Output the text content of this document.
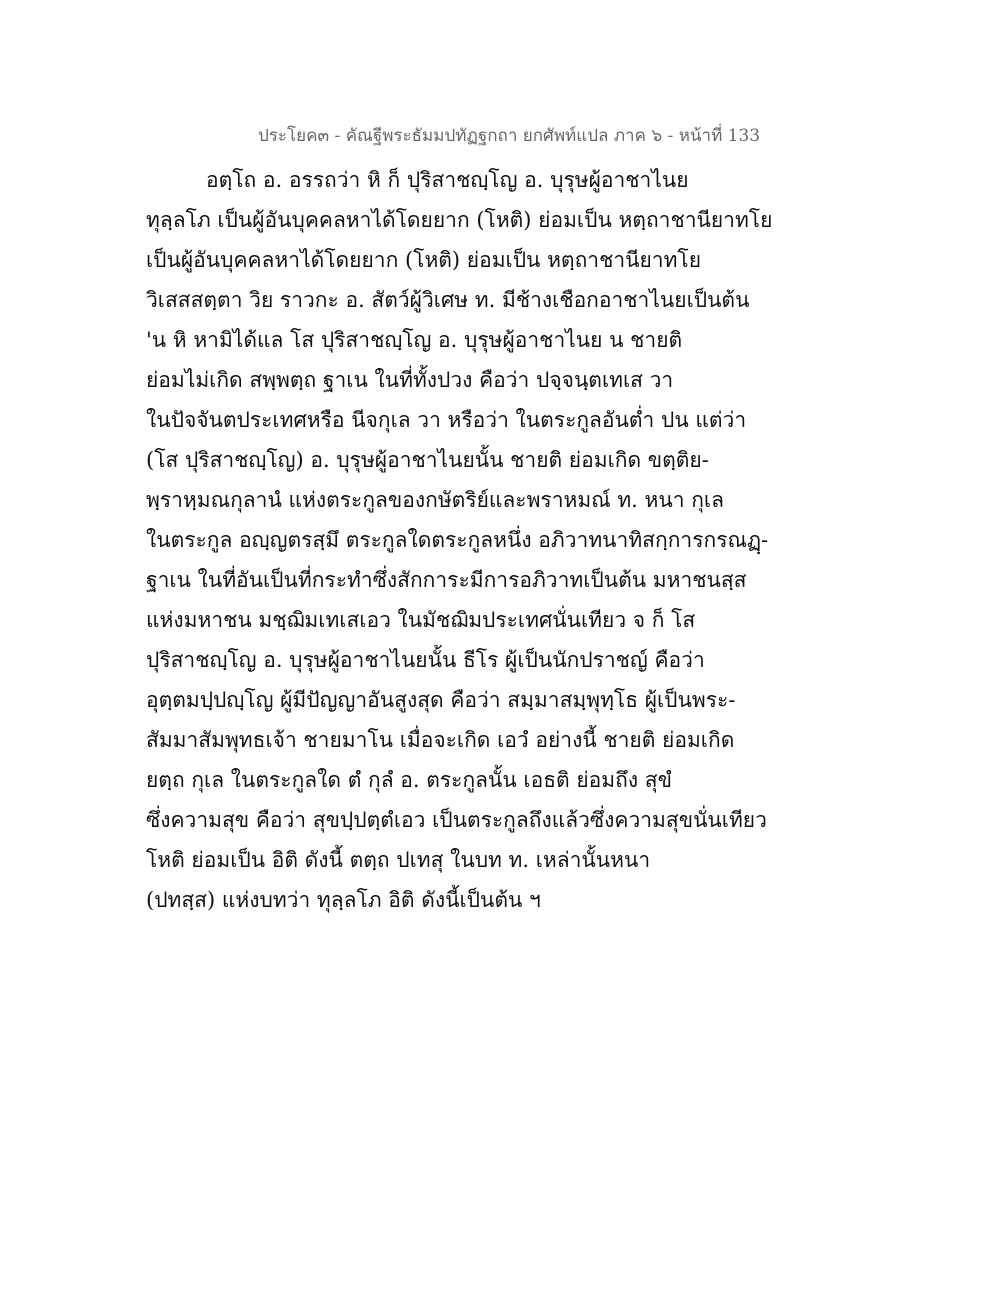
ประโยค๓ - คัณฐีพระธัมมปทัฏฐกถา ยกศัพท์แปล ภาค ๖ - หน้าที่ 133
อตฺโถ อ. อรรถว่า หิ ก็ ปุริสาชญฺโญ อ. บุรุษผู้อาชาไนย
ทุลฺลโภ เป็นผู้อันบุคคลหาได้โดยยาก (โหติ) ย่อมเป็น หตฺถาชานียาทโย
เป็นผู้อันบุคคลหาได้โดยยาก (โหติ) ย่อมเป็น หตฺถาชานียาทโย
วิเสสสตฺตา วิย ราวกะ อ. สัตว์ผู้วิเศษ ท. มีช้างเชือกอาชาไนยเป็นต้น
'น หิ หามิได้แล โส ปุริสาชญฺโญ อ. บุรุษผู้อาชาไนย น ชายติ
ย่อมไม่เกิด สพฺพตฺถ ฐาเน ในที่ทั้งปวง คือว่า ปจฺจนฺตเทเส วา
ในปัจจันตประเทศหรือ นีจกุเล วา หรือว่า ในตระกูลอันต่ำ ปน แต่ว่า
(โส ปุริสาชญฺโญ) อ. บุรุษผู้อาชาไนยนั้น ชายติ ย่อมเกิด ขตฺติย-
พฺราหฺมณกุลานํ แห่งตระกูลของกษัตริย์และพราหมณ์ ท. หนา กุเล
ในตระกูล อญฺญตรสฺมึ ตระกูลใดตระกูลหนึ่ง อภิวาทนาทิสกฺการกรณฏฺ-
ฐาเน ในที่อันเป็นที่กระทำซึ่งสักการะมีการอภิวาทเป็นต้น มหาชนสฺส
แห่งมหาชน มชฺฌิมเทเสเอว ในมัชฌิมประเทศนั่นเทียว จ ก็ โส
ปุริสาชญฺโญ อ. บุรุษผู้อาชาไนยนั้น ธีโร ผู้เป็นนักปราชญ์ คือว่า
อุตฺตมปฺปญฺโญ ผู้มีปัญญาอันสูงสุด คือว่า สมฺมาสมฺพุทฺโธ ผู้เป็นพระ-
สัมมาสัมพุทธเจ้า ชายมาโน เมื่อจะเกิด เอวํ อย่างนี้ ชายติ ย่อมเกิด
ยตฺถ กุเล ในตระกูลใด ตํ กุลํ อ. ตระกูลนั้น เอธติ ย่อมถึง สุขํ
ซึ่งความสุข คือว่า สุขปฺปตฺตํเอว เป็นตระกูลถึงแล้วซึ่งความสุขนั่นเทียว
โหติ ย่อมเป็น อิติ ดังนี้ ตตฺถ ปเทสุ ในบท ท. เหล่านั้นหนา
(ปทสฺส) แห่งบทว่า ทุลฺลโภ อิติ ดังนี้เป็นต้น ฯ
